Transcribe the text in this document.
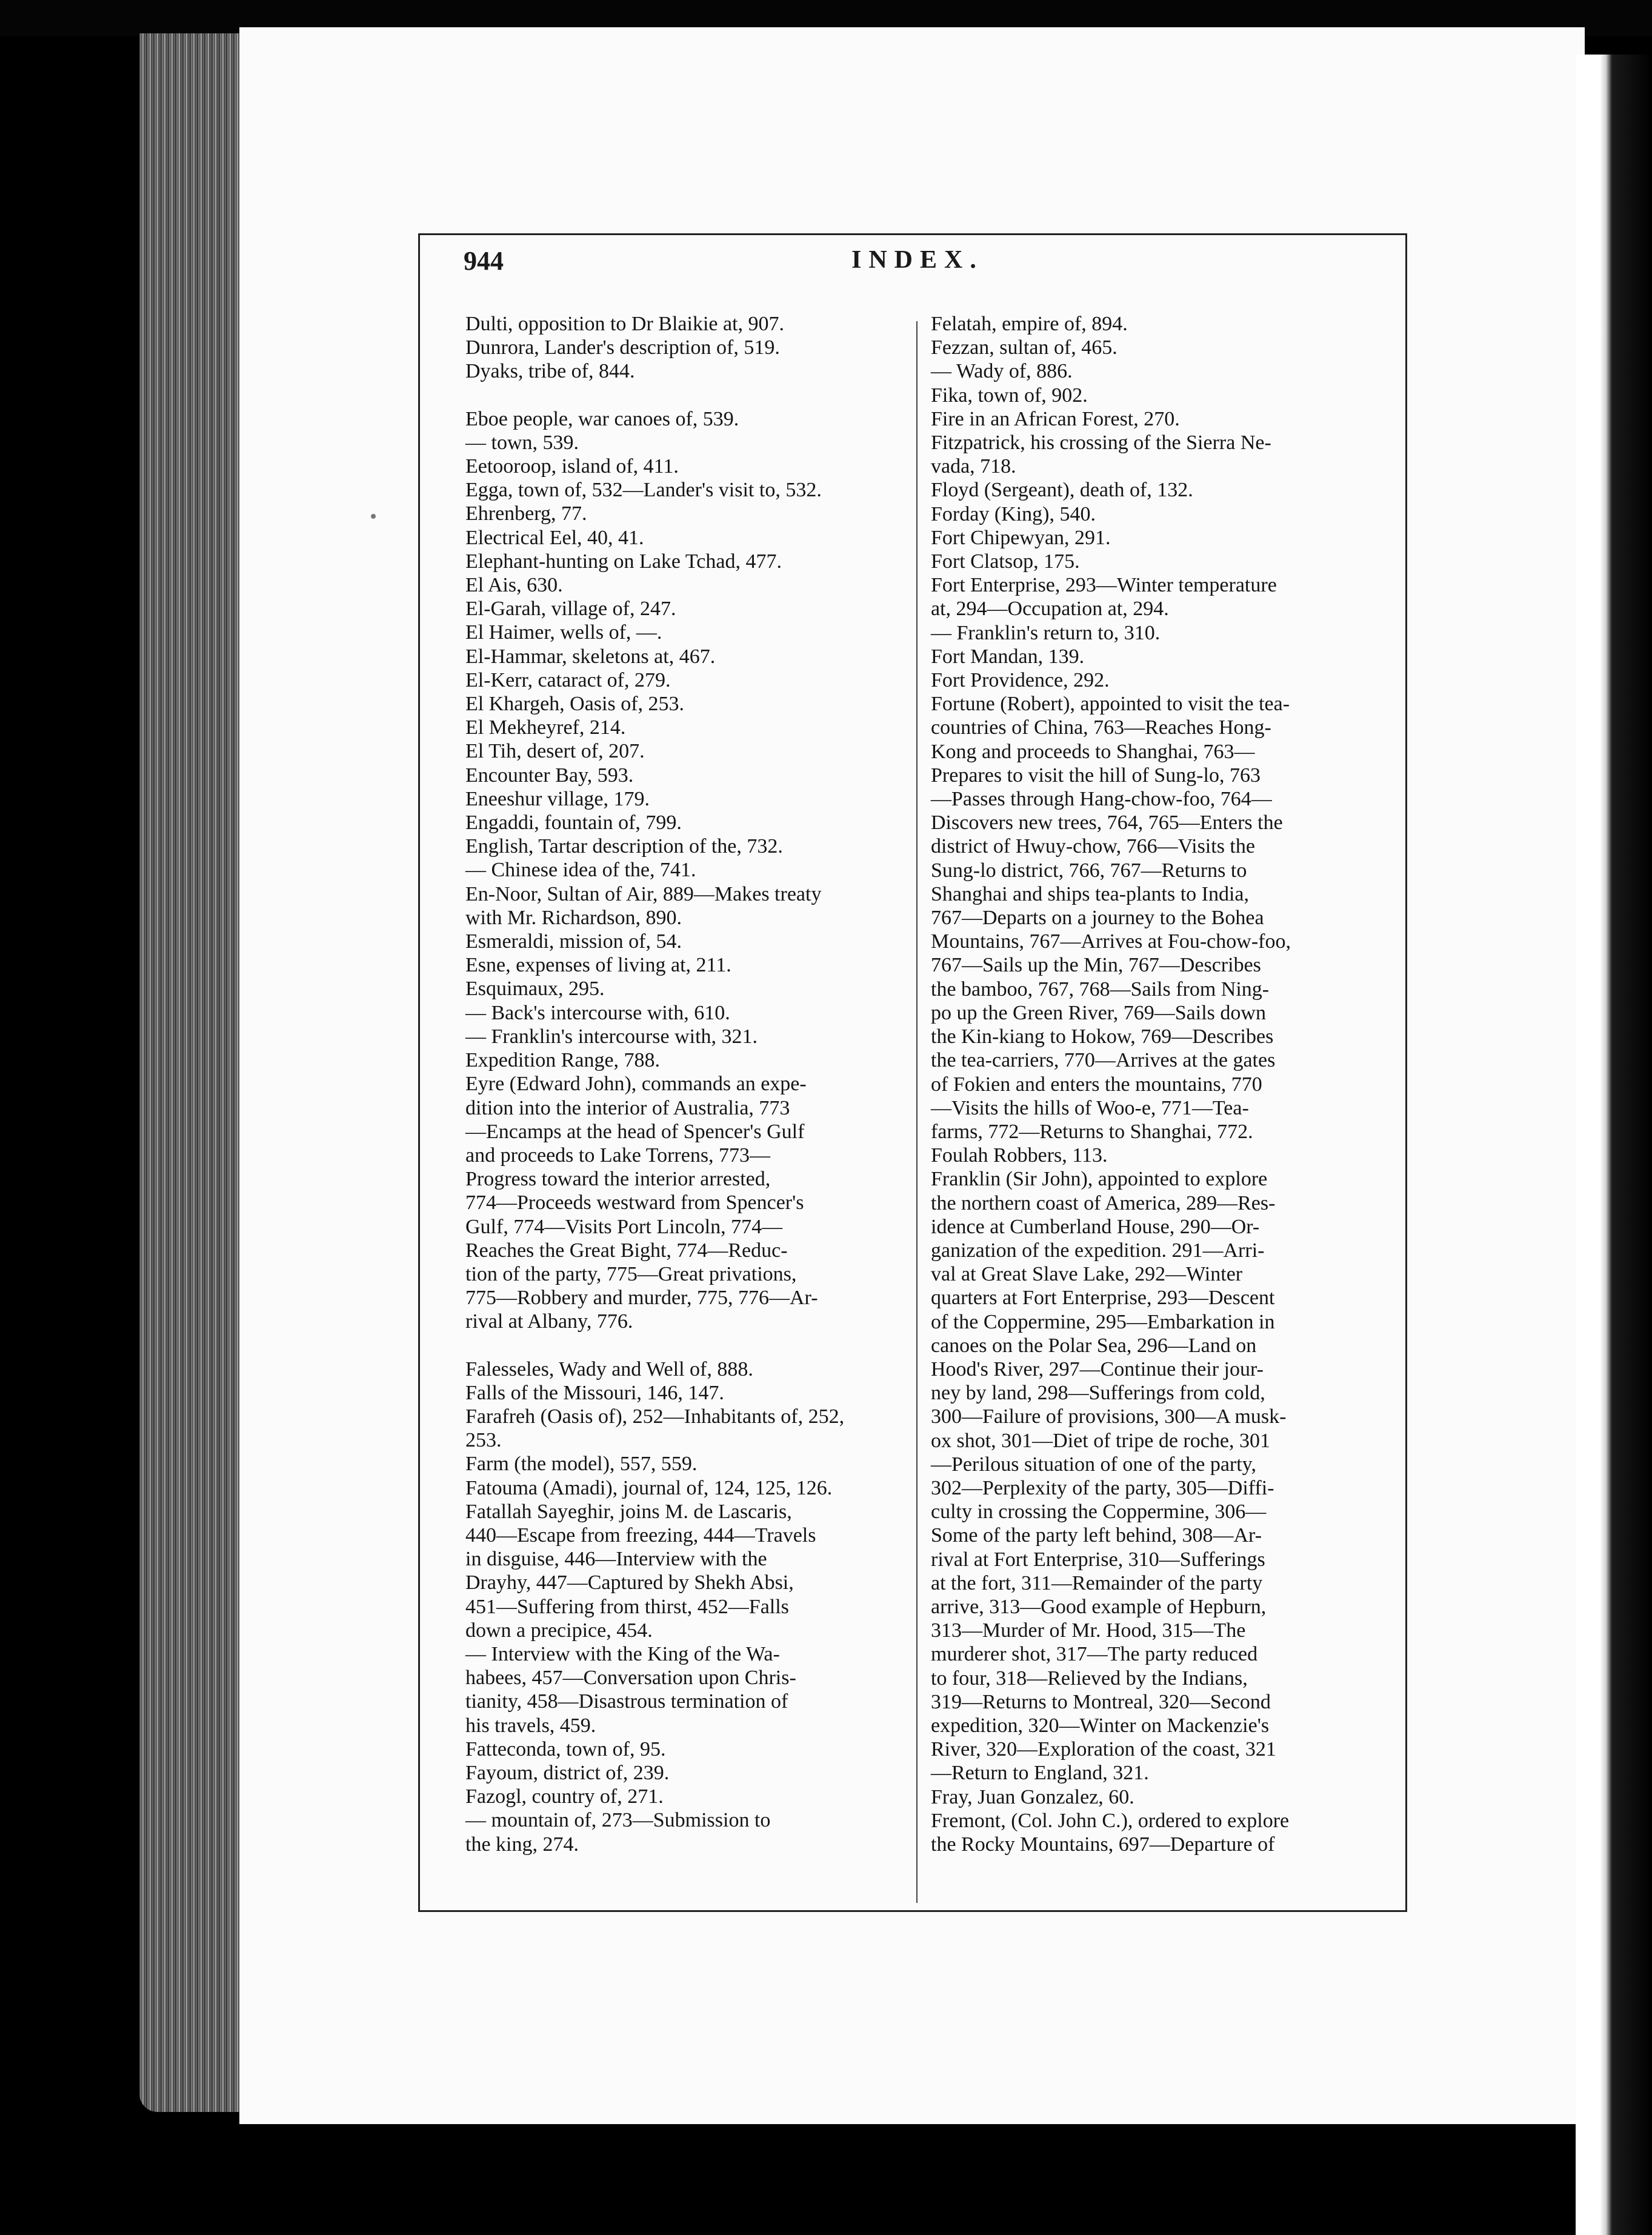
944	INDEX.
Dulti, opposition to Dr Blaikie at, 907.
Dunrora, Lander's description of, 519.
Dyaks, tribe of, 844.
Eboe people, war canoes of, 539.
— town, 539.
Eetooroop, island of, 411.
Egga, town of, 532—Lander's visit to, 532.
Ehrenberg, 77.
Electrical Eel, 40, 41.
Elephant-hunting on Lake Tchad, 477.
El Ais, 630.
El-Garah, village of, 247.
El Haimer, wells of, —.
El-Hammar, skeletons at, 467.
El-Kerr, cataract of, 279.
El Khargeh, Oasis of, 253.
El Mekheyref, 214.
El Tih, desert of, 207.
Encounter Bay, 593.
Eneeshur village, 179.
Engaddi, fountain of, 799.
English, Tartar description of the, 732.
— Chinese idea of the, 741.
En-Noor, Sultan of Air, 889—Makes treaty
with Mr. Richardson, 890.
Esmeraldi, mission of, 54.
Esne, expenses of living at, 211.
Esquimaux, 295.
— Back's intercourse with, 610.
— Franklin's intercourse with, 321.
Expedition Range, 788.
Eyre (Edward John), commands an expe-
dition into the interior of Australia, 773
—Encamps at the head of Spencer's Gulf
and proceeds to Lake Torrens, 773—
Progress toward the interior arrested,
774—Proceeds westward from Spencer's
Gulf, 774—Visits Port Lincoln, 774—
Reaches the Great Bight, 774—Reduc-
tion of the party, 775—Great privations,
775—Robbery and murder, 775, 776—Ar-
rival at Albany, 776.
Falesseles, Wady and Well of, 888.
Falls of the Missouri, 146, 147.
Farafreh (Oasis of), 252—Inhabitants of, 252,
253.
Farm (the model), 557, 559.
Fatouma (Amadi), journal of, 124, 125, 126.
Fatallah Sayeghir, joins M. de Lascaris,
440—Escape from freezing, 444—Travels
in disguise, 446—Interview with the
Drayhy, 447—Captured by Shekh Absi,
451—Suffering from thirst, 452—Falls
down a precipice, 454.
— Interview with the King of the Wa-
habees, 457—Conversation upon Chris-
tianity, 458—Disastrous termination of
his travels, 459.
Fatteconda, town of, 95.
Fayoum, district of, 239.
Fazogl, country of, 271.
— mountain of, 273—Submission to
the king, 274.
Felatah, empire of, 894.
Fezzan, sultan of, 465.
— Wady of, 886.
Fika, town of, 902.
Fire in an African Forest, 270.
Fitzpatrick, his crossing of the Sierra Ne-
vada, 718.
Floyd (Sergeant), death of, 132.
Forday (King), 540.
Fort Chipewyan, 291.
Fort Clatsop, 175.
Fort Enterprise, 293—Winter temperature
at, 294—Occupation at, 294.
— Franklin's return to, 310.
Fort Mandan, 139.
Fort Providence, 292.
Fortune (Robert), appointed to visit the tea-
countries of China, 763—Reaches Hong-
Kong and proceeds to Shanghai, 763—
Prepares to visit the hill of Sung-lo, 763
—Passes through Hang-chow-foo, 764—
Discovers new trees, 764, 765—Enters the
district of Hwuy-chow, 766—Visits the
Sung-lo district, 766, 767—Returns to
Shanghai and ships tea-plants to India,
767—Departs on a journey to the Bohea
Mountains, 767—Arrives at Fou-chow-foo,
767—Sails up the Min, 767—Describes
the bamboo, 767, 768—Sails from Ning-
po up the Green River, 769—Sails down
the Kin-kiang to Hokow, 769—Describes
the tea-carriers, 770—Arrives at the gates
of Fokien and enters the mountains, 770
—Visits the hills of Woo-e, 771—Tea-
farms, 772—Returns to Shanghai, 772.
Foulah Robbers, 113.
Franklin (Sir John), appointed to explore
the northern coast of America, 289—Res-
idence at Cumberland House, 290—Or-
ganization of the expedition. 291—Arri-
val at Great Slave Lake, 292—Winter
quarters at Fort Enterprise, 293—Descent
of the Coppermine, 295—Embarkation in
canoes on the Polar Sea, 296—Land on
Hood's River, 297—Continue their jour-
ney by land, 298—Sufferings from cold,
300—Failure of provisions, 300—A musk-
ox shot, 301—Diet of tripe de roche, 301
—Perilous situation of one of the party,
302—Perplexity of the party, 305—Diffi-
culty in crossing the Coppermine, 306—
Some of the party left behind, 308—Ar-
rival at Fort Enterprise, 310—Sufferings
at the fort, 311—Remainder of the party
arrive, 313—Good example of Hepburn,
313—Murder of Mr. Hood, 315—The
murderer shot, 317—The party reduced
to four, 318—Relieved by the Indians,
319—Returns to Montreal, 320—Second
expedition, 320—Winter on Mackenzie's
River, 320—Exploration of the coast, 321
—Return to England, 321.
Fray, Juan Gonzalez, 60.
Fremont, (Col. John C.), ordered to explore
the Rocky Mountains, 697—Departure of
